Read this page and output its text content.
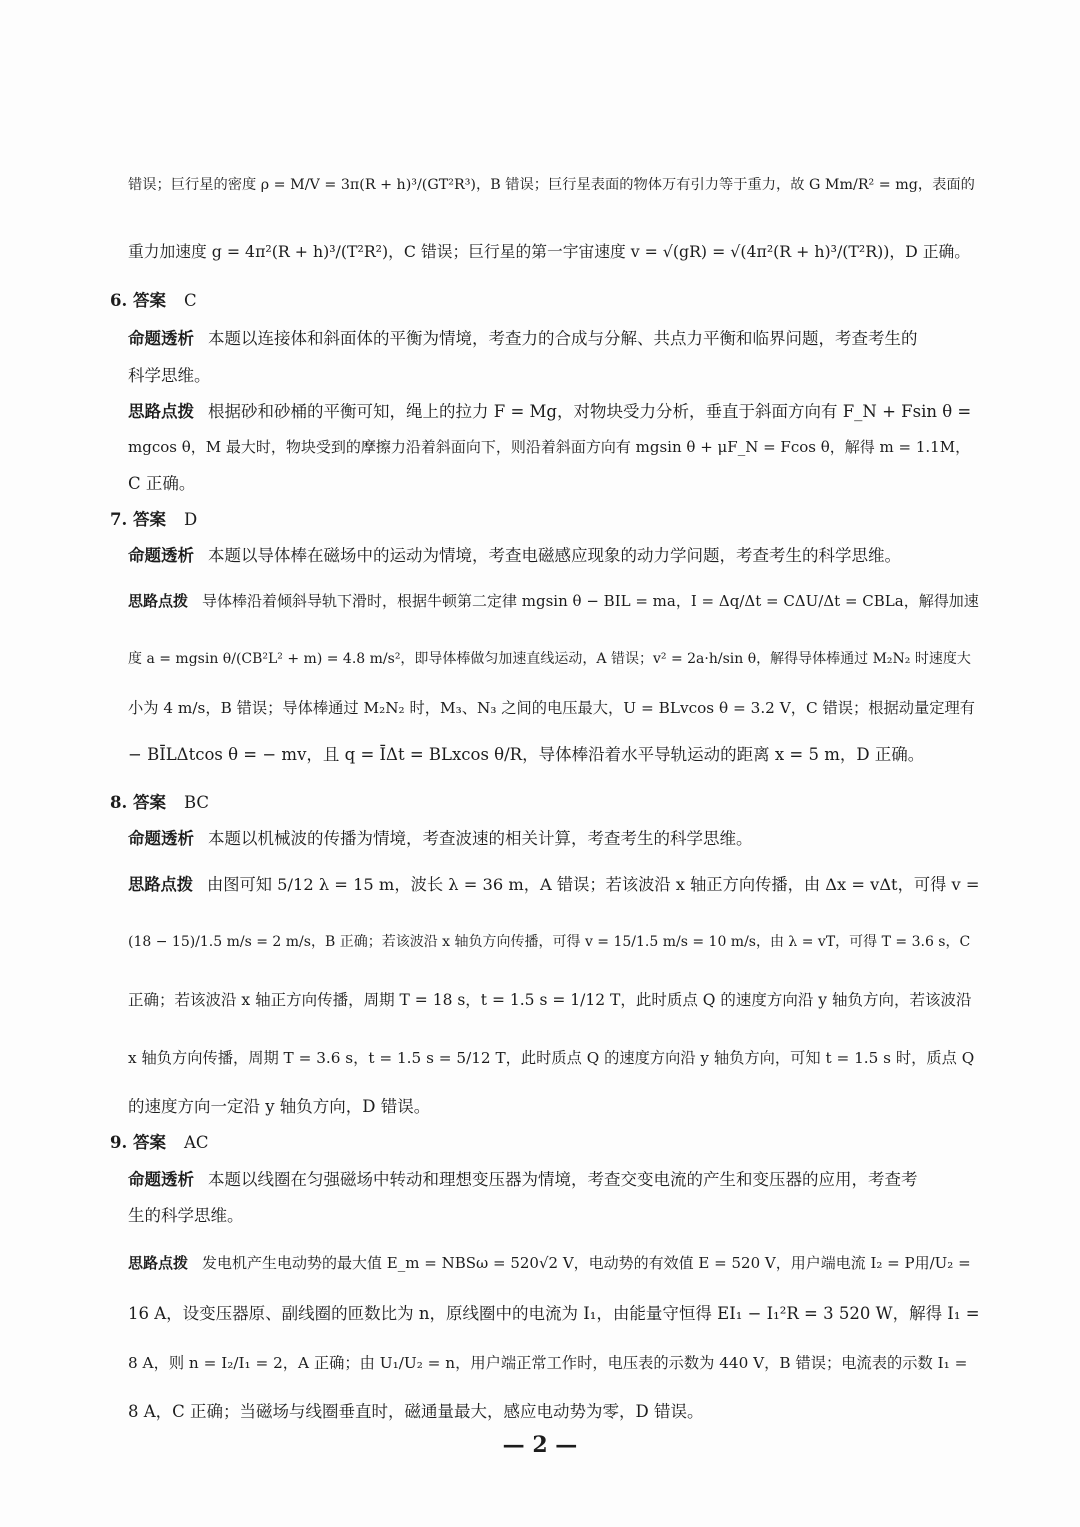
错误；巨行星的密度 ρ = M/V = 3π(R + h)³/(GT²R³)，B 错误；巨行星表面的物体万有引力等于重力，故 G Mm/R² = mg，表面的
重力加速度 g = 4π²(R + h)³/(T²R²)，C 错误；巨行星的第一宇宙速度 v = √(gR) = √(4π²(R + h)³/(T²R))，D 正确。
6. 答案 C
命题透析 本题以连接体和斜面体的平衡为情境，考查力的合成与分解、共点力平衡和临界问题，考查考生的
科学思维。
思路点拨 根据砂和砂桶的平衡可知，绳上的拉力 F = Mg，对物块受力分析，垂直于斜面方向有 F_N + Fsin θ =
mgcos θ，M 最大时，物块受到的摩擦力沿着斜面向下，则沿着斜面方向有 mgsin θ + μF_N = Fcos θ，解得 m = 1.1M，
C 正确。
7. 答案 D
命题透析 本题以导体棒在磁场中的运动为情境，考查电磁感应现象的动力学问题，考查考生的科学思维。
思路点拨 导体棒沿着倾斜导轨下滑时，根据牛顿第二定律 mgsin θ − BIL = ma，I = Δq/Δt = CΔU/Δt = CBLa，解得加速
度 a = mgsin θ/(CB²L² + m) = 4.8 m/s²，即导体棒做匀加速直线运动，A 错误；v² = 2a·h/sin θ，解得导体棒通过 M₂N₂ 时速度大
小为 4 m/s，B 错误；导体棒通过 M₂N₂ 时，M₃、N₃ 之间的电压最大，U = BLvcos θ = 3.2 V，C 错误；根据动量定理有
− BĪLΔtcos θ = − mv，且 q = ĪΔt = BLxcos θ/R，导体棒沿着水平导轨运动的距离 x = 5 m，D 正确。
8. 答案 BC
命题透析 本题以机械波的传播为情境，考查波速的相关计算，考查考生的科学思维。
思路点拨 由图可知 5/12 λ = 15 m，波长 λ = 36 m，A 错误；若该波沿 x 轴正方向传播，由 Δx = vΔt，可得 v =
(18 − 15)/1.5 m/s = 2 m/s，B 正确；若该波沿 x 轴负方向传播，可得 v = 15/1.5 m/s = 10 m/s，由 λ = vT，可得 T = 3.6 s，C
正确；若该波沿 x 轴正方向传播，周期 T = 18 s，t = 1.5 s = 1/12 T，此时质点 Q 的速度方向沿 y 轴负方向，若该波沿
x 轴负方向传播，周期 T = 3.6 s，t = 1.5 s = 5/12 T，此时质点 Q 的速度方向沿 y 轴负方向，可知 t = 1.5 s 时，质点 Q
的速度方向一定沿 y 轴负方向，D 错误。
9. 答案 AC
命题透析 本题以线圈在匀强磁场中转动和理想变压器为情境，考查交变电流的产生和变压器的应用，考查考
生的科学思维。
思路点拨 发电机产生电动势的最大值 E_m = NBSω = 520√2 V，电动势的有效值 E = 520 V，用户端电流 I₂ = P用/U₂ =
16 A，设变压器原、副线圈的匝数比为 n，原线圈中的电流为 I₁，由能量守恒得 EI₁ − I₁²R = 3 520 W，解得 I₁ =
8 A，则 n = I₂/I₁ = 2，A 正确；由 U₁/U₂ = n，用户端正常工作时，电压表的示数为 440 V，B 错误；电流表的示数 I₁ =
8 A，C 正确；当磁场与线圈垂直时，磁通量最大，感应电动势为零，D 错误。
— 2 —
